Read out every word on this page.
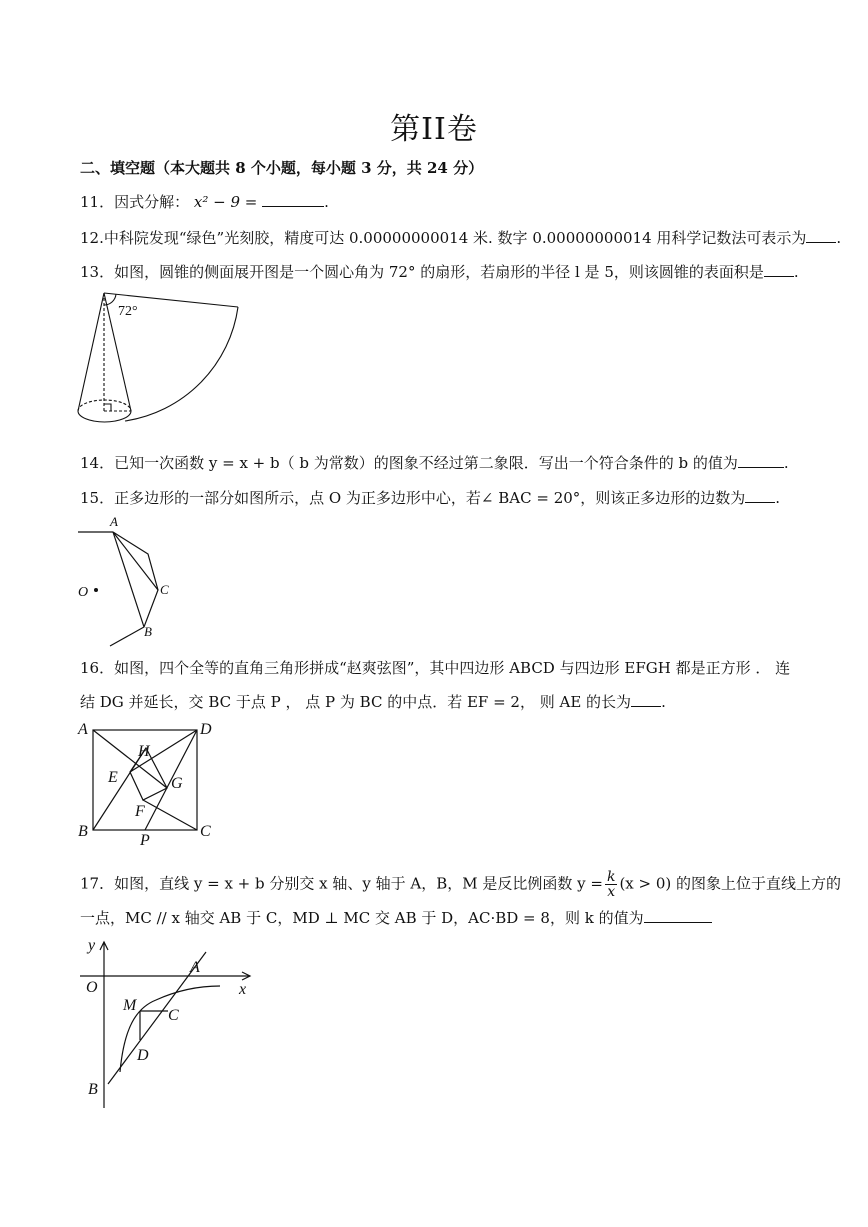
第II卷
二、填空题（本大题共 8 个小题，每小题 3 分，共 24 分）
11．因式分解： x² − 9 =	.
12.中科院发现“绿色”光刻胶，精度可达 0.00000000014 米. 数字 0.00000000014 用科学记数法可表示为 .
13．如图，圆锥的侧面展开图是一个圆心角为 72° 的扇形，若扇形的半径 l 是 5，则该圆锥的表面积是 .
72°
14．已知一次函数 y = x + b（ b 为常数）的图象不经过第二象限．写出一个符合条件的 b 的值为	.
15．正多边形的一部分如图所示，点 O 为正多边形中心，若∠ BAC = 20°，则该正多边形的边数为 .
A
C
B
O
16．如图，四个全等的直角三角形拼成“赵爽弦图”，其中四边形 ABCD 与四边形 EFGH 都是正方形 ． 连
结 DG 并延长，交 BC 于点 P ， 点 P 为 BC 的中点．若 EF = 2， 则 AE 的长为 .
A	D
B	C
H
E	G
F
P
17．如图，直线 y = x + b 分别交 x 轴、y 轴于 A，B，M 是反比例函数 $y = \frac{k}{x} (x > 0)$ 的图象上位于直线上方的
一点，MC // x 轴交 AB 于 C，MD ⊥ MC 交 AB 于 D，AC·BD = 8，则 k 的值为
y
x
O
A
M
C
D
B
